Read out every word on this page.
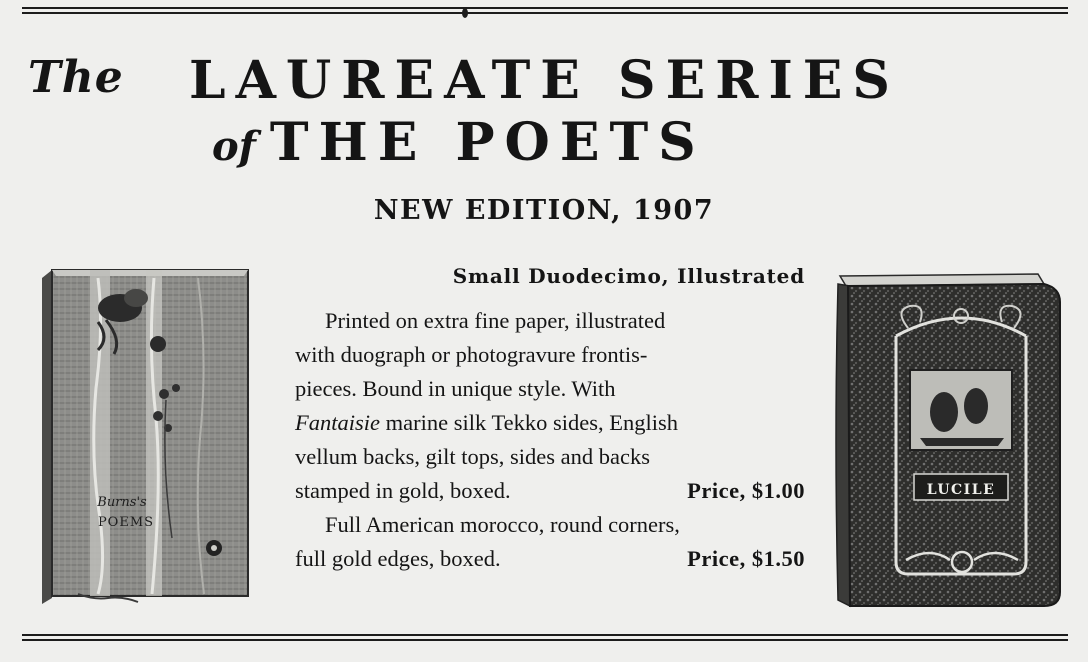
The LAUREATE SERIES
of THE POETS
NEW EDITION, 1907
Burns's
POEMS
Small Duodecimo, Illustrated
Printed on extra fine paper, illustrated
with duograph or photogravure frontis-
pieces. Bound in unique style. With
Fantaisie marine silk Tekko sides, English
vellum backs, gilt tops, sides and backs
stamped in gold, boxed.	Price, $1.00
Full American morocco, round corners,
full gold edges, boxed.	Price, $1.50
LUCILE
